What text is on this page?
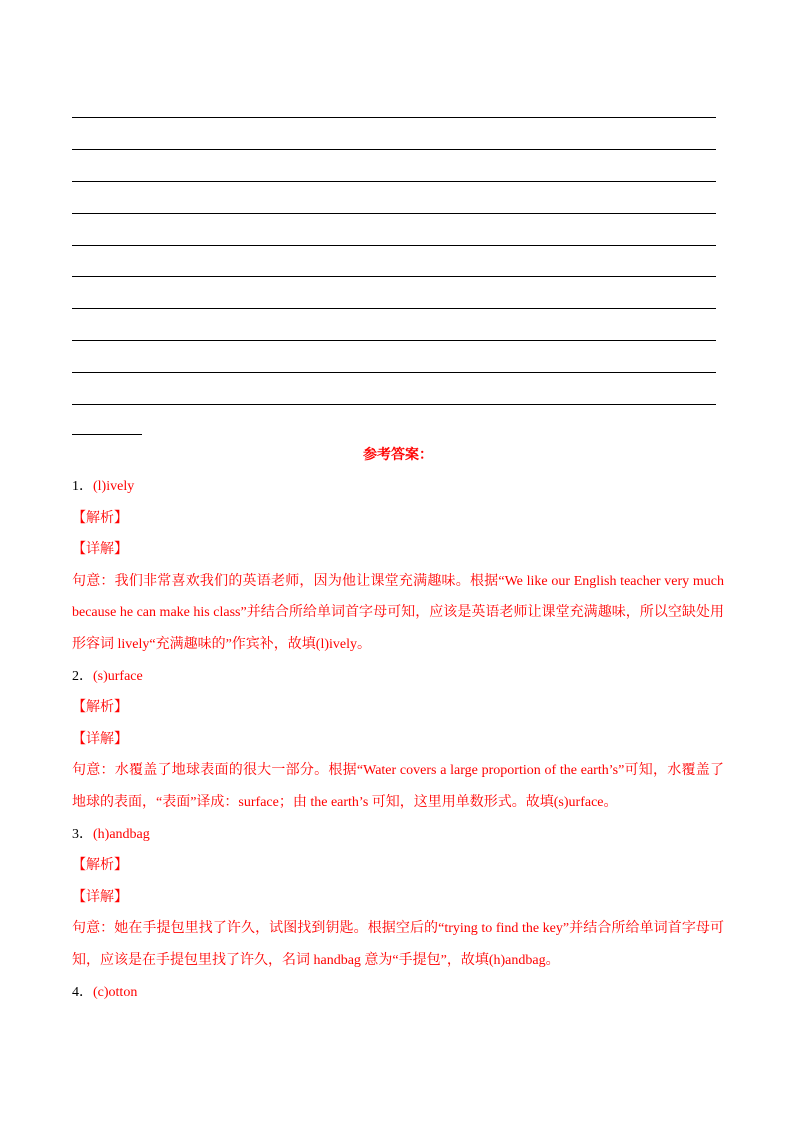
参考答案：
1．(l)ively
【解析】
【详解】
句意：我们非常喜欢我们的英语老师，因为他让课堂充满趣味。根据“We like our English teacher very much
because he can make his class”并结合所给单词首字母可知，应该是英语老师让课堂充满趣味，所以空缺处用
形容词 lively“充满趣味的”作宾补，故填(l)ively。
2．(s)urface
【解析】
【详解】
句意：水覆盖了地球表面的很大一部分。根据“Water covers a large proportion of the earth’s”可知，水覆盖了
地球的表面，“表面”译成：surface；由 the earth’s 可知，这里用单数形式。故填(s)urface。
3．(h)andbag
【解析】
【详解】
句意：她在手提包里找了许久，试图找到钥匙。根据空后的“trying to find the key”并结合所给单词首字母可
知，应该是在手提包里找了许久，名词 handbag 意为“手提包”，故填(h)andbag。
4．(c)otton
